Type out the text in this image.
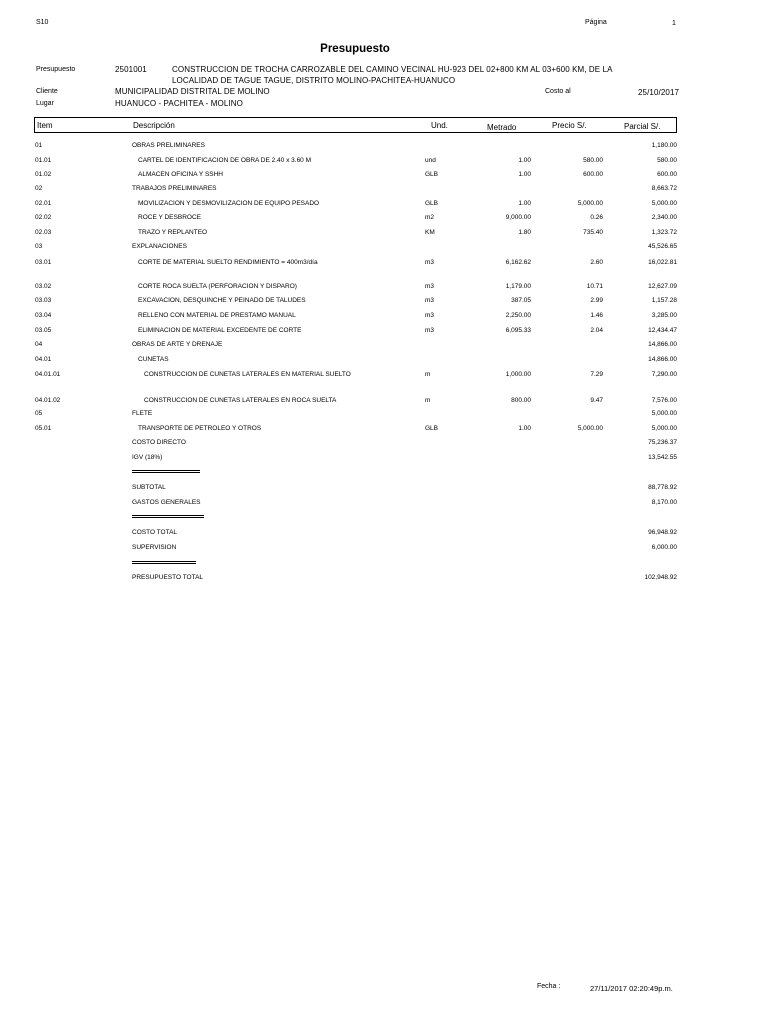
S10	Página	1
Presupuesto
Presupuesto	2501001	CONSTRUCCION DE TROCHA CARROZABLE DEL CAMINO VECINAL HU-923 DEL 02+800 KM AL 03+600 KM, DE LA
LOCALIDAD DE TAGUE TAGUE, DISTRITO MOLINO-PACHITEA-HUANUCO
Cliente	MUNICIPALIDAD DISTRITAL DE MOLINO	Costo al	25/10/2017
Lugar	HUANUCO - PACHITEA - MOLINO
Item	Descripción	Und.	Metrado	Precio S/.	Parcial S/.
01	OBRAS PRELIMINARES	1,180.00
01.01	CARTEL DE IDENTIFICACION DE OBRA DE 2.40 x 3.60 M	und	1.00	580.00	580.00
01.02	ALMACEN OFICINA Y SSHH	GLB	1.00	600.00	600.00
02	TRABAJOS PRELIMINARES	8,663.72
02.01	MOVILIZACION Y DESMOVILIZACION DE EQUIPO PESADO	GLB	1.00	5,000.00	5,000.00
02.02	ROCE Y DESBROCE	m2	9,000.00	0.26	2,340.00
02.03	TRAZO Y REPLANTEO	KM	1.80	735.40	1,323.72
03	EXPLANACIONES	45,526.65
03.01	CORTE DE MATERIAL SUELTO RENDIMIENTO = 400m3/día	m3	6,162.62	2.60	16,022.81
03.02	CORTE ROCA SUELTA (PERFORACION Y DISPARO)	m3	1,179.00	10.71	12,627.09
03.03	EXCAVACION, DESQUINCHE Y PEINADO DE TALUDES	m3	387.05	2.99	1,157.28
03.04	RELLENO CON MATERIAL DE PRESTAMO MANUAL	m3	2,250.00	1.46	3,285.00
03.05	ELIMINACION DE MATERIAL EXCEDENTE DE CORTE	m3	6,095.33	2.04	12,434.47
04	OBRAS DE ARTE Y DRENAJE	14,866.00
04.01	CUNETAS	14,866.00
04.01.01	CONSTRUCCION DE CUNETAS LATERALES EN MATERIAL SUELTO	m	1,000.00	7.29	7,290.00
04.01.02	CONSTRUCCION DE CUNETAS LATERALES EN ROCA SUELTA	m	800.00	9.47	7,576.00
05	FLETE	5,000.00
05.01	TRANSPORTE DE PETROLEO Y OTROS	GLB	1.00	5,000.00	5,000.00
COSTO DIRECTO	75,236.37
IGV (18%)	13,542.55
SUBTOTAL	88,778.92
GASTOS GENERALES	8,170.00
COSTO TOTAL	96,948.92
SUPERVISION	6,000.00
PRESUPUESTO TOTAL	102,948.92
Fecha :	27/11/2017 02:20:49p.m.
